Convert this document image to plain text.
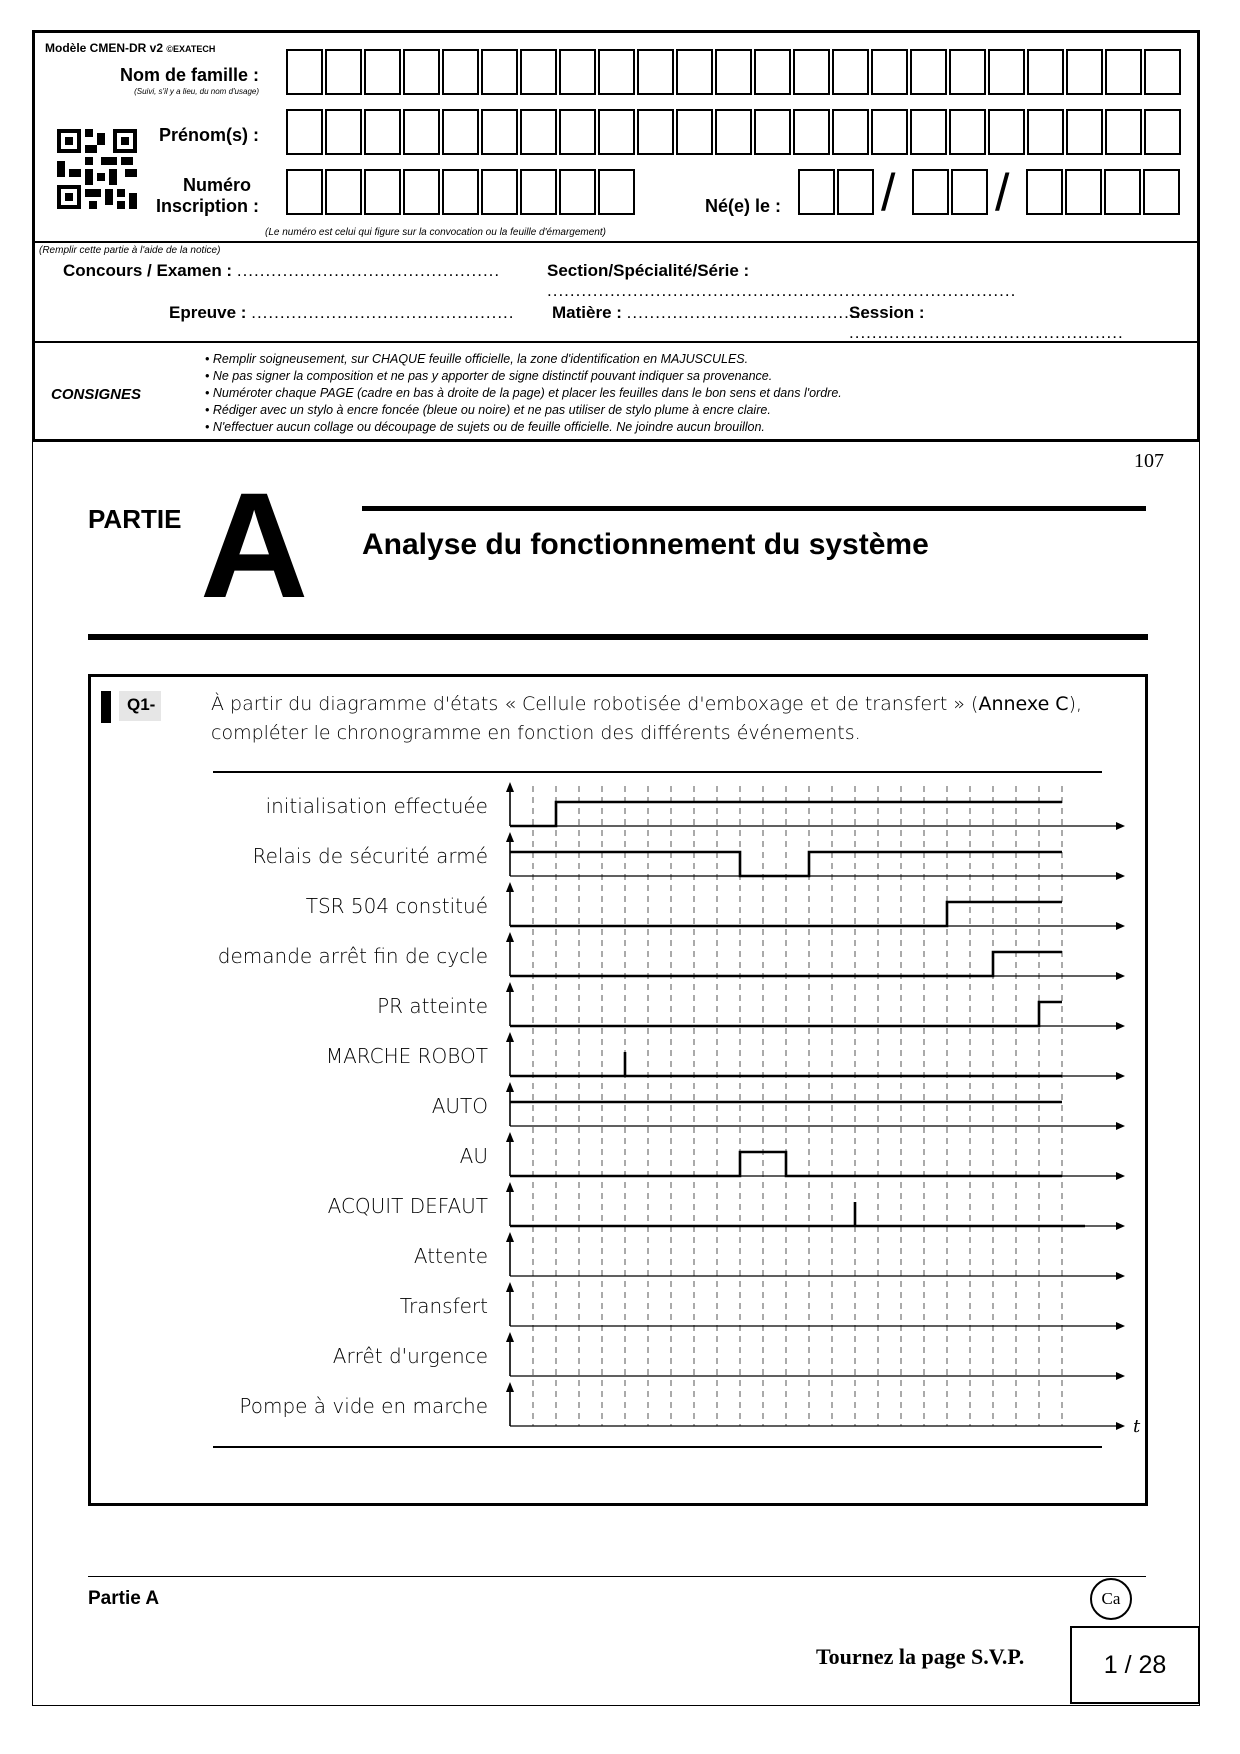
Modèle CMEN-DR v2 ©EXATECH
Nom de famille :
(Suivi, s'il y a lieu, du nom d'usage)
Prénom(s) :
Numéro
Inscription :	Né(e) le : / /
(Le numéro est celui qui figure sur la convocation ou la feuille d'émargement)
(Remplir cette partie à l'aide de la notice)
Concours / Examen : ..............................................	Section/Spécialité/Série : ..................................................................................
Epreuve : .............................................. Matière : ..........................................
Session : ................................................
CONSIGNES
• Remplir soigneusement, sur CHAQUE feuille officielle, la zone d'identification en MAJUSCULES.
• Ne pas signer la composition et ne pas y apporter de signe distinctif pouvant indiquer sa provenance.
• Numéroter chaque PAGE (cadre en bas à droite de la page) et placer les feuilles dans le bon sens et dans l'ordre.
• Rédiger avec un stylo à encre foncée (bleue ou noire) et ne pas utiliser de stylo plume à encre claire.
• N'effectuer aucun collage ou découpage de sujets ou de feuille officielle. Ne joindre aucun brouillon.
107
PARTIE A Analyse du fonctionnement du système
Q1-	À partir du diagramme d'états « Cellule robotisée d'emboxage et de transfert » (Annexe C),
compléter le chronogramme en fonction des différents événements.
t
initialisation effectuée
Relais de sécurité armé
TSR 504 constitué
demande arrêt fin de cycle
PR atteinte
MARCHE ROBOT
AUTO
AU
ACQUIT DEFAUT
Attente
Transfert
Arrêt d'urgence
Pompe à vide en marche
Partie A	Ca
Tournez la page S.V.P.	1 / 28
